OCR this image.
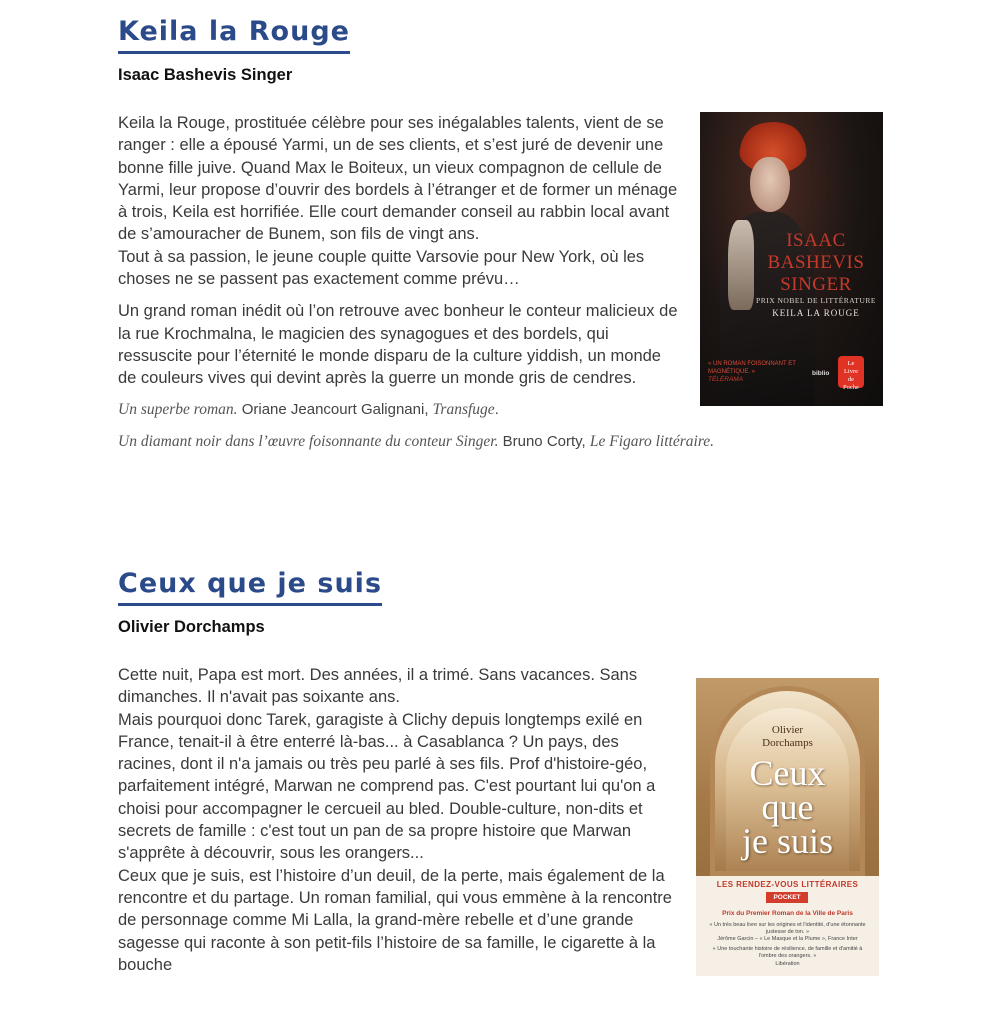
Keila la Rouge
Isaac Bashevis Singer

Keila la Rouge, prostituée célèbre pour ses inégalables talents, vient de se ranger : elle a épousé Yarmi, un de ses clients, et s’est juré de devenir une bonne fille juive. Quand Max le Boiteux, un vieux compagnon de cellule de Yarmi, leur propose d’ouvrir des bordels à l’étranger et de former un ménage à trois, Keila est horrifiée. Elle court demander conseil au rabbin local avant de s’amouracher de Bunem, son fils de vingt ans.

Tout à sa passion, le jeune couple quitte Varsovie pour New York, où les choses ne se passent pas exactement comme prévu…

Un grand roman inédit où l’on retrouve avec bonheur le conteur malicieux de la rue Krochmalna, le magicien des synagogues et des bordels, qui ressuscite pour l’éternité le monde disparu de la culture yiddish, un monde de couleurs vives qui devint après la guerre un monde gris de cendres.

Un superbe roman. Oriane Jeancourt Galignani, Transfuge.
Un diamant noir dans l’œuvre foisonnante du conteur Singer. Bruno Corty, Le Figaro littéraire.
ISAAC
BASHEVIS
SINGER
PRIX NOBEL DE LITTÉRATURE
KEILA LA ROUGE
« UN ROMAN FOISONNANT ET MAGNÉTIQUE. »
TÉLÉRAMA
biblio
Le
Livre
de
Poche
Ceux que je suis
Olivier Dorchamps

Cette nuit, Papa est mort. Des années, il a trimé. Sans vacances. Sans dimanches. Il n'avait pas soixante ans.

Mais pourquoi donc Tarek, garagiste à Clichy depuis longtemps exilé en France, tenait-il à être enterré là-bas... à Casablanca ? Un pays, des racines, dont il n'a jamais ou très peu parlé à ses fils. Prof d'histoire-géo, parfaitement intégré, Marwan ne comprend pas. C'est pourtant lui qu'on a choisi pour accompagner le cercueil au bled. Double-culture, non-dits et secrets de famille : c'est tout un pan de sa propre histoire que Marwan s'apprête à découvrir, sous les orangers...

Ceux que je suis, est l’histoire d’un deuil, de la perte, mais également de la rencontre et du partage. Un roman familial, qui vous emmène à la rencontre de personnage comme Mi Lalla, la grand-mère rebelle et d’une grande sagesse qui raconte à son petit-fils l’histoire de sa famille, le cigarette à la bouche

Olivier
Dorchamps
Ceux
que
je suis
LES RENDEZ-VOUS LITTÉRAIRES
POCKET
Prix du Premier Roman de la Ville de Paris
« Un très beau livre sur les origines et l'identité, d'une étonnante justesse de ton. »
Jérôme Garcin – « Le Masque et la Plume », France Inter
« Une touchante histoire de résilience, de famille et d'amitié à l'ombre des orangers. »
Libération
